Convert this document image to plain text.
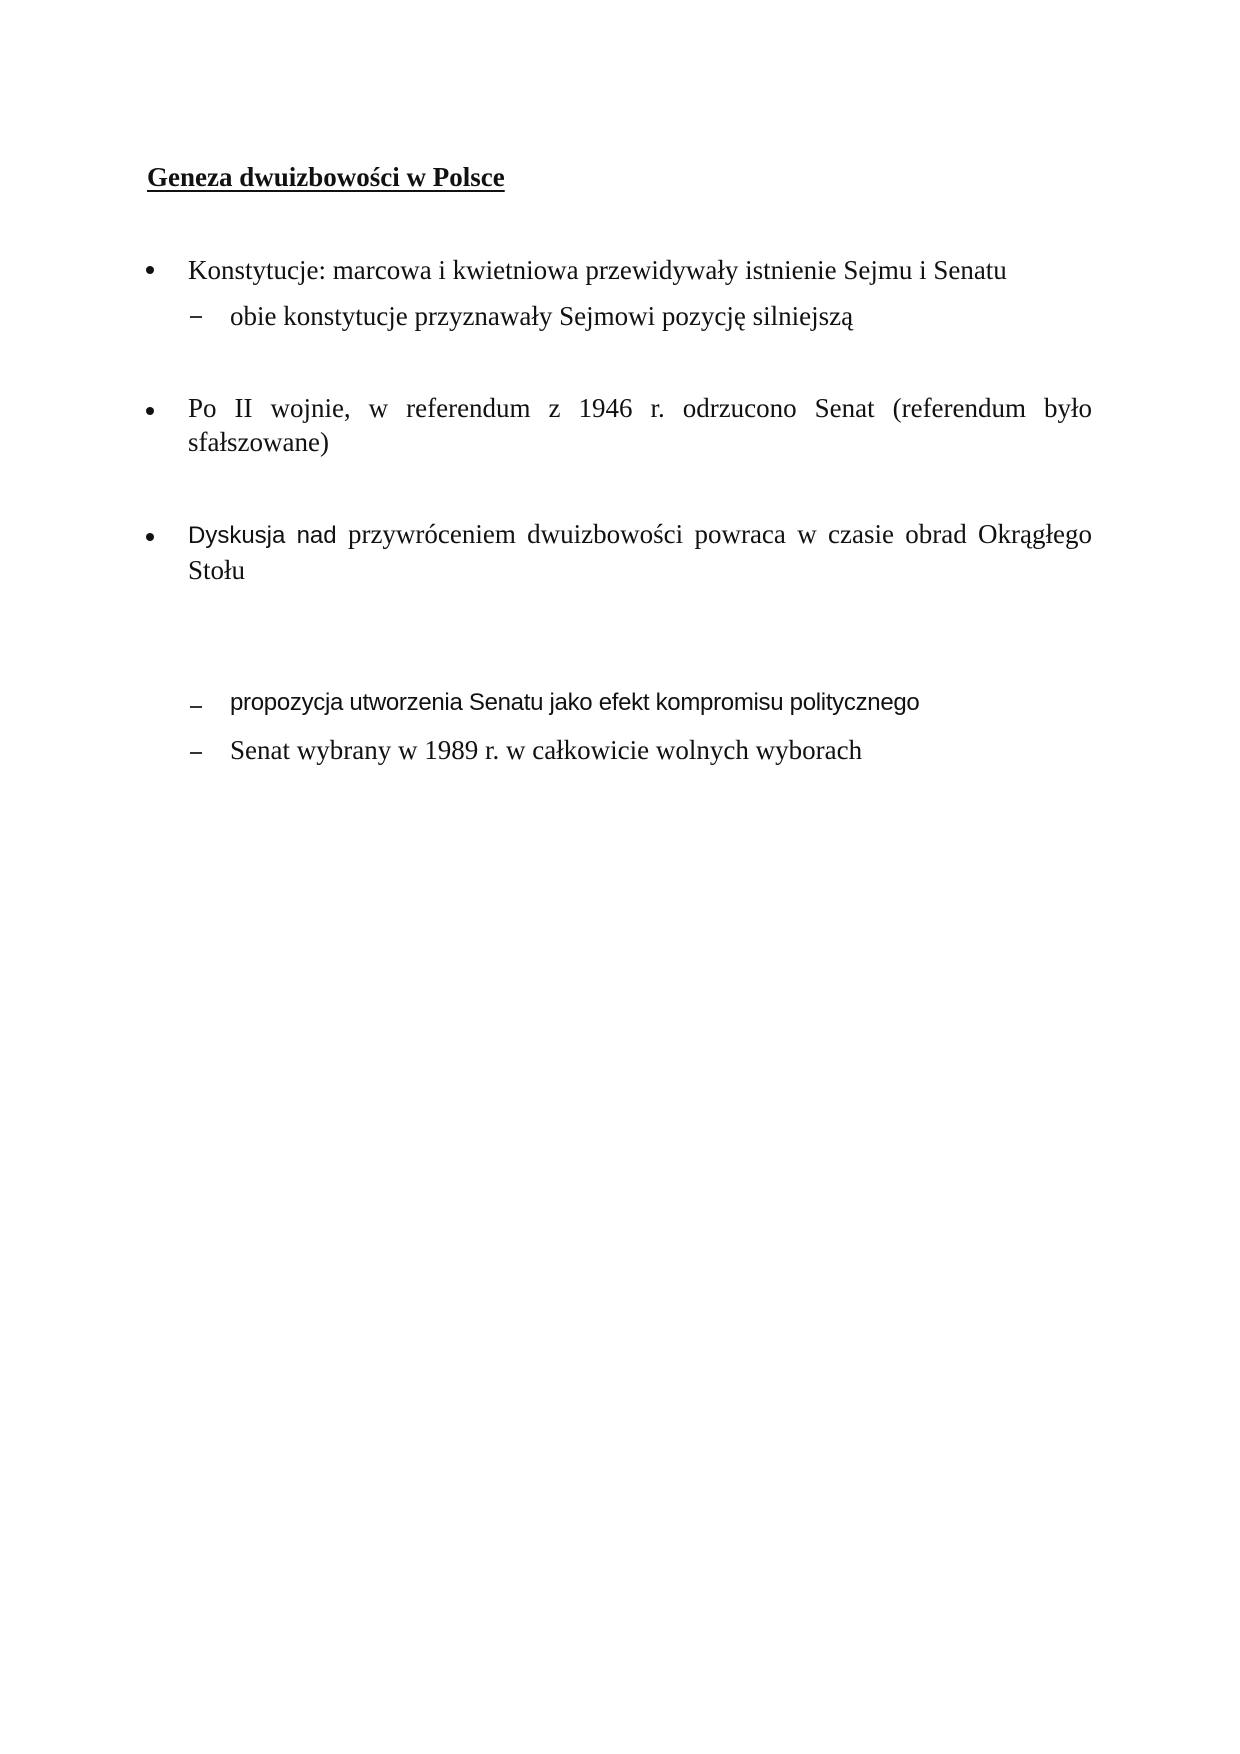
Geneza dwuizbowości w Polsce
Konstytucje: marcowa i kwietniowa przewidywały istnienie Sejmu i Senatu
obie konstytucje przyznawały Sejmowi pozycję silniejszą
Po II wojnie, w referendum z 1946 r. odrzucono Senat (referendum było sfałszowane)
Dyskusja nad przywróceniem dwuizbowości powraca w czasie obrad Okrągłego Stołu
propozycja utworzenia Senatu jako efekt kompromisu politycznego
Senat wybrany w 1989 r. w całkowicie wolnych wyborach
